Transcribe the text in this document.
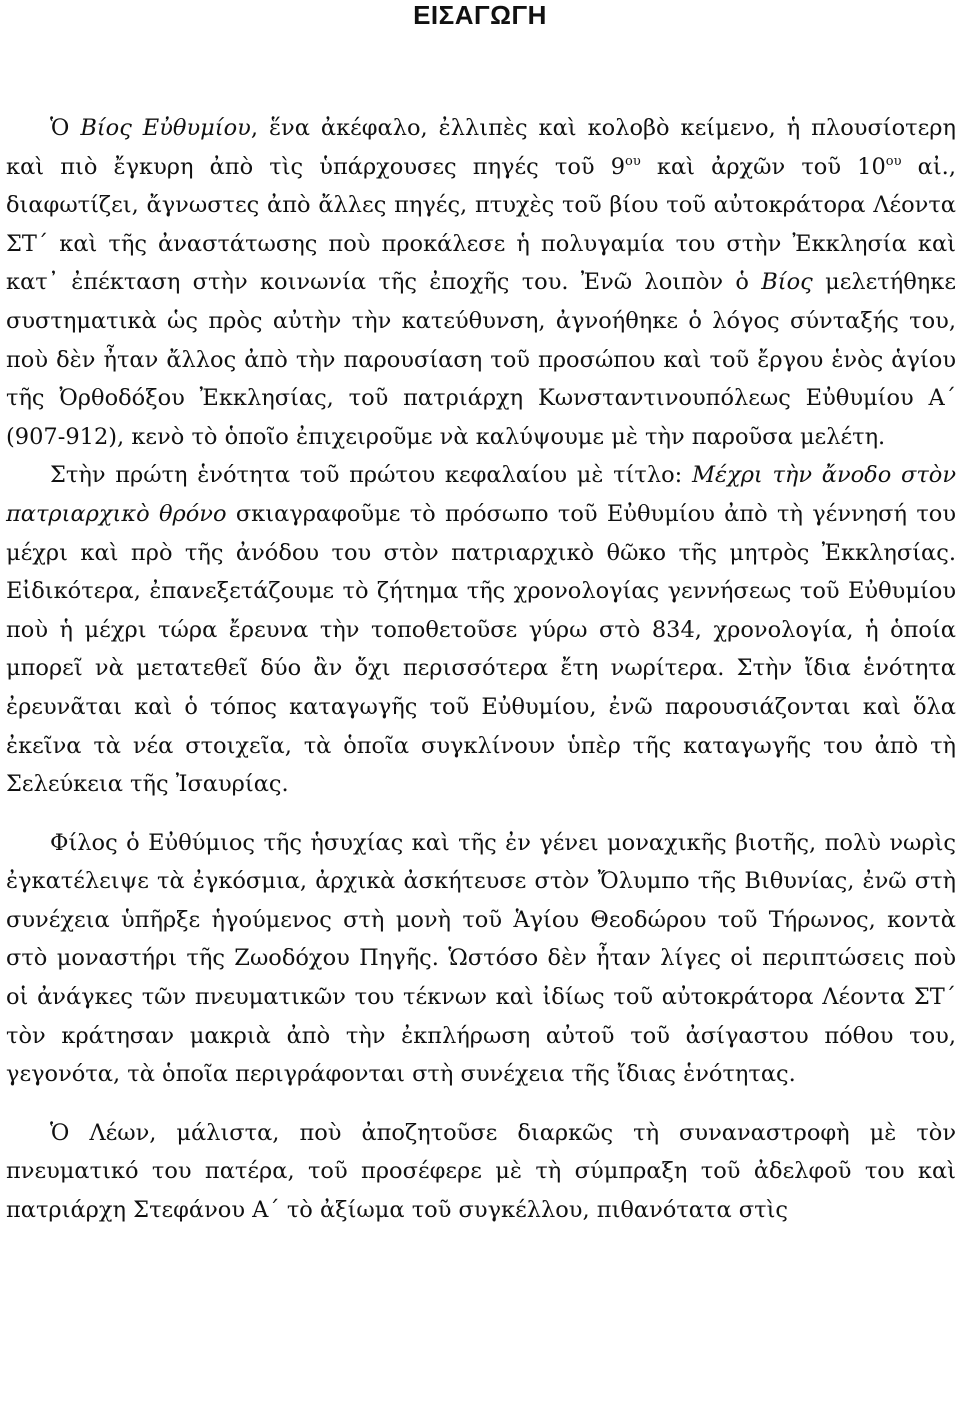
ΕΙΣΑΓΩΓΗ

Ὁ Βίος Εὐθυμίου, ἕνα ἀκέφαλο, ἐλλιπὲς καὶ κολοβὸ κείμενο, ἡ πλουσίοτερη καὶ πιὸ ἔγκυρη ἀπὸ τὶς ὑπάρχουσες πηγές τοῦ $9^{o\upsilon}$ καὶ ἀρχῶν τοῦ $10^{o\upsilon}$ αἰ., διαφωτίζει, ἄγνωστες ἀπὸ ἄλλες πηγές, πτυχὲς τοῦ βίου τοῦ αὐτοκράτορα Λέοντα ΣΤ΄ καὶ τῆς ἀναστάτωσης ποὺ προκάλεσε ἡ πολυγαμία του στὴν Ἐκκλησία καὶ κατ᾽ ἐπέκταση στὴν κοινωνία τῆς ἐποχῆς του. Ἐνῶ λοιπὸν ὁ Βίος μελετήθηκε συστηματικὰ ὡς πρὸς αὐτὴν τὴν κατεύθυνση, ἀγνοήθηκε ὁ λόγος σύνταξής του, ποὺ δὲν ἦταν ἄλλος ἀπὸ τὴν παρουσίαση τοῦ προσώπου καὶ τοῦ ἔργου ἑνὸς ἁγίου τῆς Ὀρθοδόξου Ἐκκλησίας, τοῦ πατριάρχη Κωνσταντινουπόλεως Εὐθυμίου Α΄ (907-912), κενὸ τὸ ὁποῖο ἐπιχειροῦμε νὰ καλύψουμε μὲ τὴν παροῦσα μελέτη.

Στὴν πρώτη ἑνότητα τοῦ πρώτου κεφαλαίου μὲ τίτλο: Μέχρι τὴν ἄνοδο στὸν πατριαρχικὸ θρόνο σκιαγραφοῦμε τὸ πρόσωπο τοῦ Εὐθυμίου ἀπὸ τὴ γέννησή του μέχρι καὶ πρὸ τῆς ἀνόδου του στὸν πατριαρχικὸ θῶκο τῆς μητρὸς Ἐκκλησίας. Εἰδικότερα, ἐπανεξετάζουμε τὸ ζήτημα τῆς χρονολογίας γεννήσεως τοῦ Εὐθυμίου ποὺ ἡ μέχρι τώρα ἔρευνα τὴν τοποθετοῦσε γύρω στὸ 834, χρονολογία, ἡ ὁποία μπορεῖ νὰ μετατεθεῖ δύο ἂν ὄχι περισσότερα ἔτη νωρίτερα. Στὴν ἴδια ἑνότητα ἐρευνᾶται καὶ ὁ τόπος καταγωγῆς τοῦ Εὐθυμίου, ἐνῶ παρουσιάζονται καὶ ὅλα ἐκεῖνα τὰ νέα στοιχεῖα, τὰ ὁποῖα συγκλίνουν ὑπὲρ τῆς καταγωγῆς του ἀπὸ τὴ Σελεύκεια τῆς Ἰσαυρίας.

Φίλος ὁ Εὐθύμιος τῆς ἡσυχίας καὶ τῆς ἐν γένει μοναχικῆς βιοτῆς, πολὺ νωρὶς ἐγκατέλειψε τὰ ἐγκόσμια, ἀρχικὰ ἀσκήτευσε στὸν Ὄλυμπο τῆς Βιθυνίας, ἐνῶ στὴ συνέχεια ὑπῆρξε ἡγούμενος στὴ μονὴ τοῦ Ἁγίου Θεοδώρου τοῦ Τήρωνος, κοντὰ στὸ μοναστήρι τῆς Ζωοδόχου Πηγῆς. Ὡστόσο δὲν ἦταν λίγες οἱ περιπτώσεις ποὺ οἱ ἀνάγκες τῶν πνευματικῶν του τέκνων καὶ ἰδίως τοῦ αὐτοκράτορα Λέοντα ΣΤ΄ τὸν κράτησαν μακριὰ ἀπὸ τὴν ἐκπλήρωση αὐτοῦ τοῦ ἀσίγαστου πόθου του, γεγονότα, τὰ ὁποῖα περιγράφονται στὴ συνέχεια τῆς ἴδιας ἑνότητας.

Ὁ Λέων, μάλιστα, ποὺ ἀποζητοῦσε διαρκῶς τὴ συναναστροφὴ μὲ τὸν πνευματικό του πατέρα, τοῦ προσέφερε μὲ τὴ σύμπραξη τοῦ ἀδελφοῦ του καὶ πατριάρχη Στεφάνου Α΄ τὸ ἀξίωμα τοῦ συγκέλλου, πιθανότατα στὶς
